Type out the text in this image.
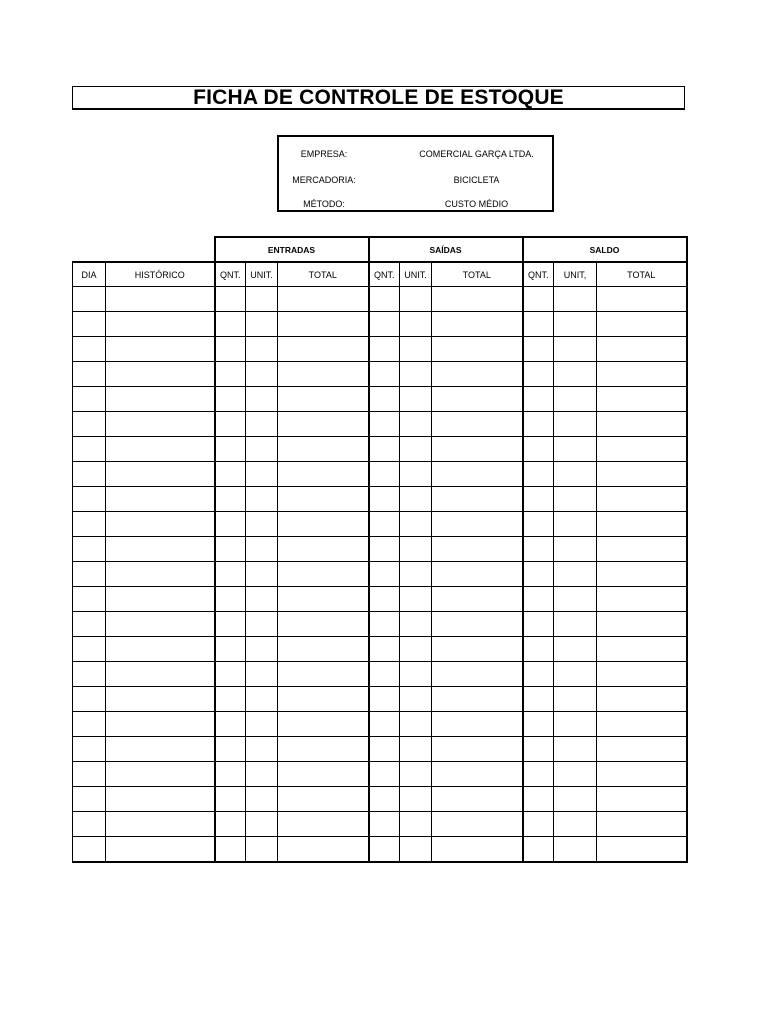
FICHA DE CONTROLE DE ESTOQUE
EMPRESA:	COMERCIAL GARÇA LTDA.
MERCADORIA:	BICICLETA
MÉTODO:	CUSTO MÉDIO
		ENTRADAS			SAÍDAS			SALDO		
DIA	HISTÓRICO	QNT.	UNIT.	TOTAL	QNT.	UNIT.	TOTAL	QNT.	UNIT,	TOTAL
